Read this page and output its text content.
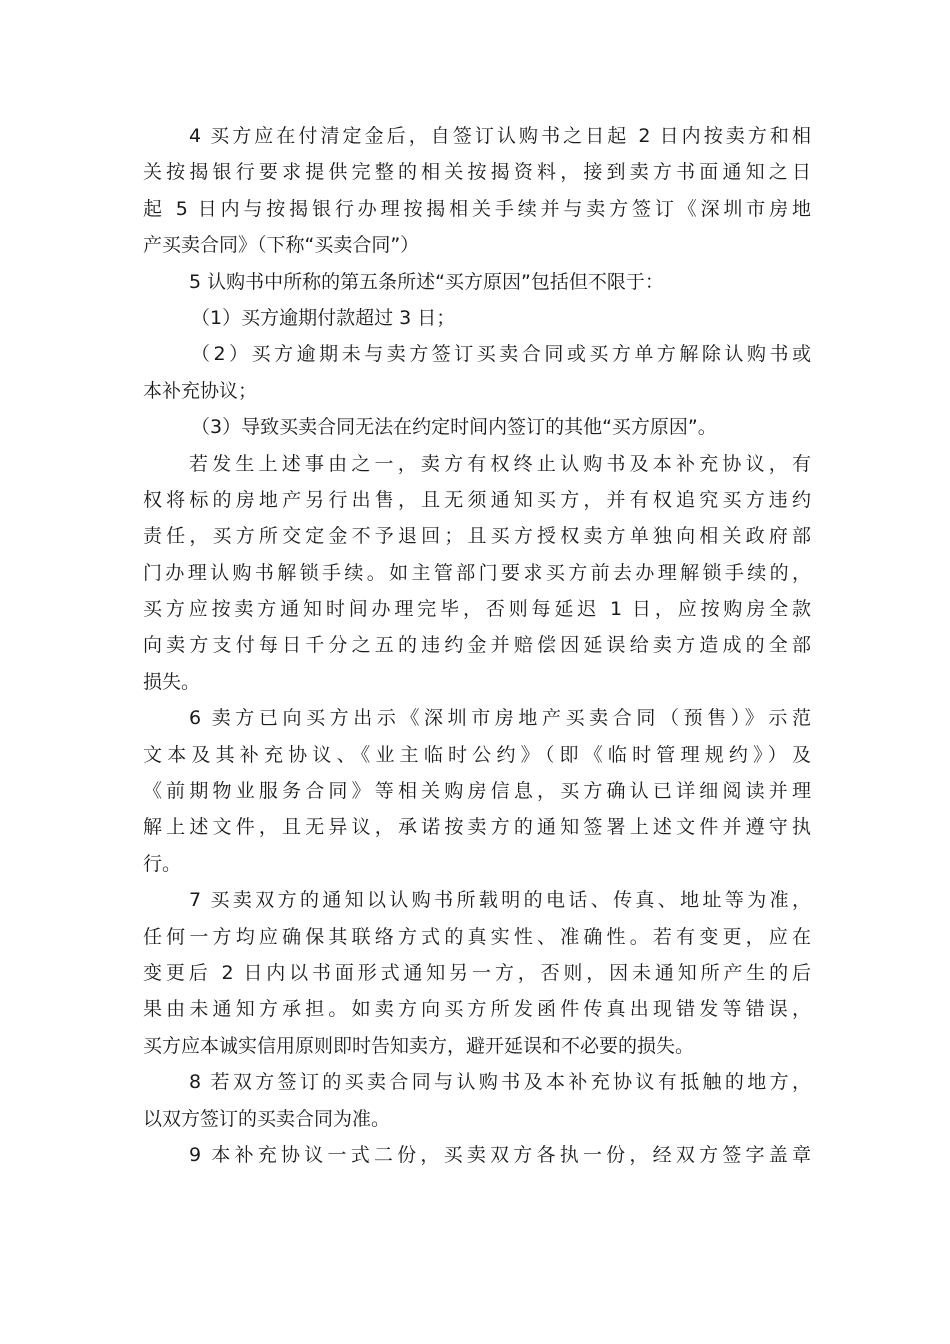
4 买方应在付清定金后，自签订认购书之日起 2 日内按卖方和相
关按揭银行要求提供完整的相关按揭资料，接到卖方书面通知之日
起 5 日内与按揭银行办理按揭相关手续并与卖方签订《深圳市房地
产买卖合同》（下称“买卖合同”）
5 认购书中所称的第五条所述“买方原因”包括但不限于：
（1）买方逾期付款超过 3 日；
（2）买方逾期未与卖方签订买卖合同或买方单方解除认购书或
本补充协议；
（3）导致买卖合同无法在约定时间内签订的其他“买方原因”。
若发生上述事由之一，卖方有权终止认购书及本补充协议，有
权将标的房地产另行出售，且无须通知买方，并有权追究买方违约
责任，买方所交定金不予退回；且买方授权卖方单独向相关政府部
门办理认购书解锁手续。如主管部门要求买方前去办理解锁手续的，
买方应按卖方通知时间办理完毕，否则每延迟 1 日，应按购房全款
向卖方支付每日千分之五的违约金并赔偿因延误给卖方造成的全部
损失。
6 卖方已向买方出示《深圳市房地产买卖合同（预售）》示范
文本及其补充协议、《业主临时公约》（即《临时管理规约》）及
《前期物业服务合同》等相关购房信息，买方确认已详细阅读并理
解上述文件，且无异议，承诺按卖方的通知签署上述文件并遵守执
行。
7 买卖双方的通知以认购书所载明的电话、传真、地址等为准，
任何一方均应确保其联络方式的真实性、准确性。若有变更，应在
变更后 2 日内以书面形式通知另一方，否则，因未通知所产生的后
果由未通知方承担。如卖方向买方所发函件传真出现错发等错误，
买方应本诚实信用原则即时告知卖方，避开延误和不必要的损失。
8 若双方签订的买卖合同与认购书及本补充协议有抵触的地方，
以双方签订的买卖合同为准。
9 本补充协议一式二份，买卖双方各执一份，经双方签字盖章
